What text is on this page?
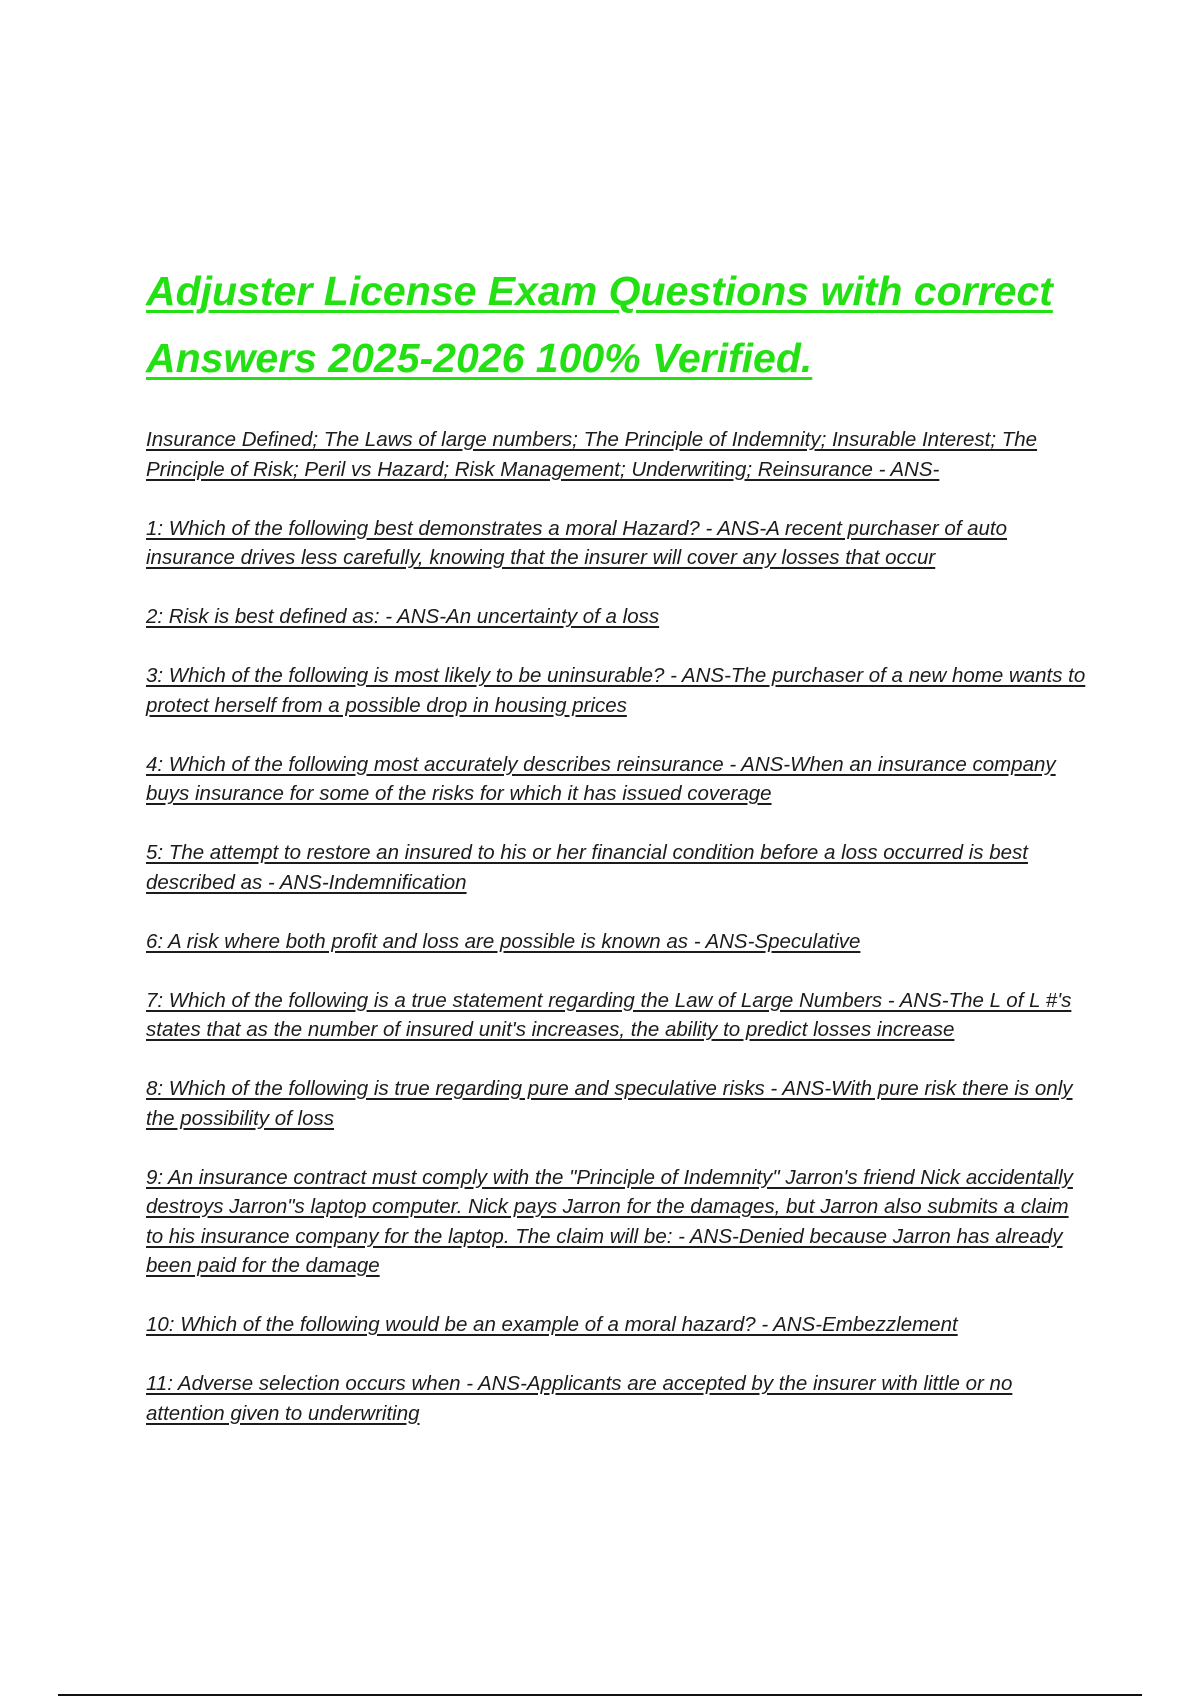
Adjuster License Exam Questions with correct Answers 2025-2026 100% Verified.

Insurance Defined; The Laws of large numbers; The Principle of Indemnity; Insurable Interest; The Principle of Risk; Peril vs Hazard; Risk Management; Underwriting; Reinsurance - ANS-

1: Which of the following best demonstrates a moral Hazard? - ANS-A recent purchaser of auto insurance drives less carefully, knowing that the insurer will cover any losses that occur

2: Risk is best defined as: - ANS-An uncertainty of a loss

3: Which of the following is most likely to be uninsurable? - ANS-The purchaser of a new home wants to protect herself from a possible drop in housing prices

4: Which of the following most accurately describes reinsurance - ANS-When an insurance company buys insurance for some of the risks for which it has issued coverage

5: The attempt to restore an insured to his or her financial condition before a loss occurred is best described as - ANS-Indemnification

6: A risk where both profit and loss are possible is known as - ANS-Speculative

7: Which of the following is a true statement regarding the Law of Large Numbers - ANS-The L of L #'s states that as the number of insured unit's increases, the ability to predict losses increase

8: Which of the following is true regarding pure and speculative risks - ANS-With pure risk there is only the possibility of loss

9: An insurance contract must comply with the "Principle of Indemnity" Jarron's friend Nick accidentally destroys Jarron"s laptop computer. Nick pays Jarron for the damages, but Jarron also submits a claim to his insurance company for the laptop. The claim will be: - ANS-Denied because Jarron has already been paid for the damage

10: Which of the following would be an example of a moral hazard? - ANS-Embezzlement

11: Adverse selection occurs when - ANS-Applicants are accepted by the insurer with little or no attention given to underwriting
